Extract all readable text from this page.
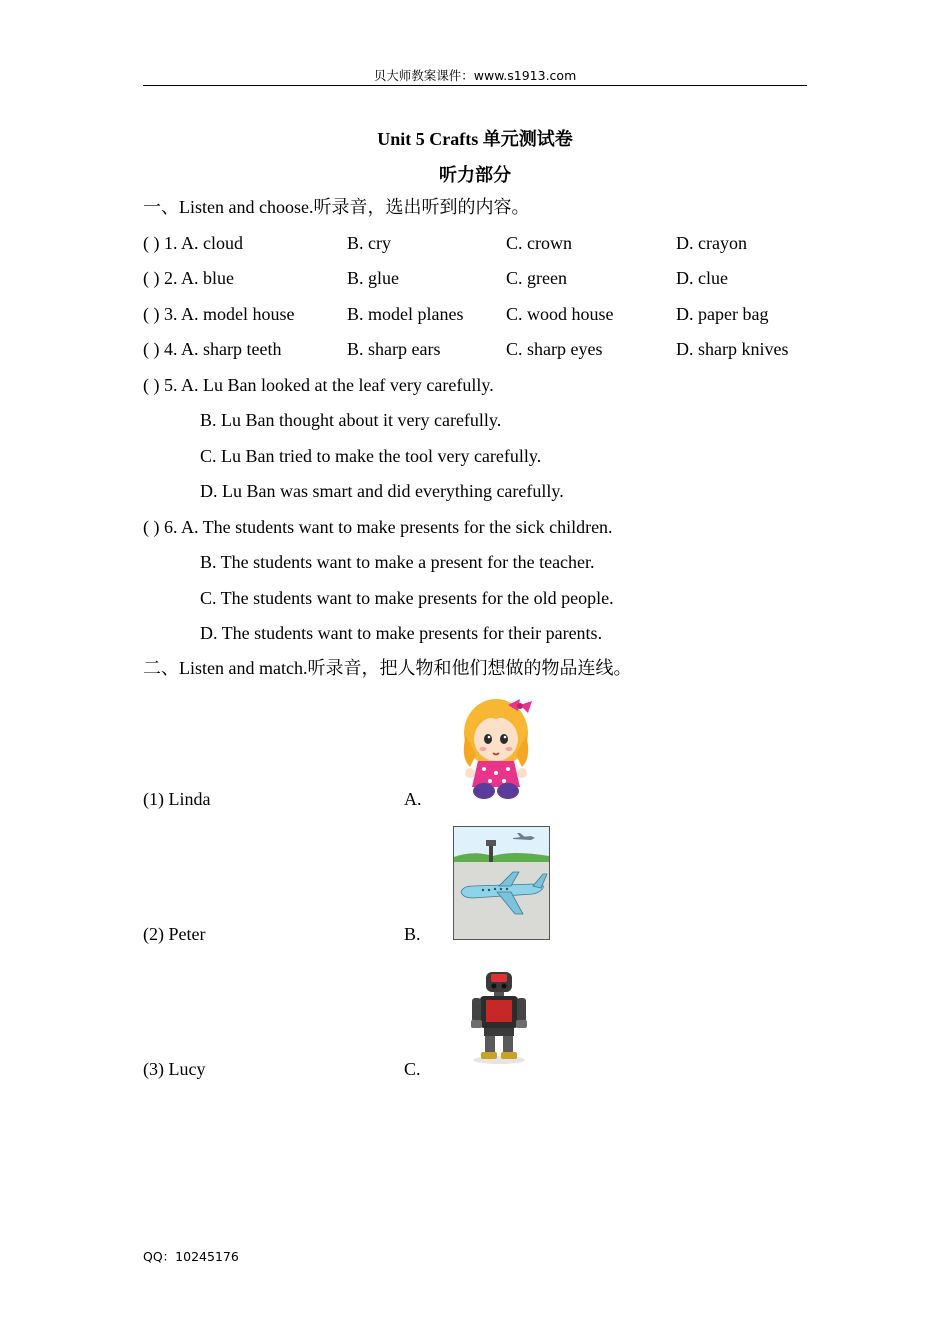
贝大师教案课件：www.s1913.com
Unit 5 Crafts 单元测试卷
听力部分
一、Listen and choose.听录音，选出听到的内容。
( ) 1. A. cloud	B. cry	C. crown	D. crayon
( ) 2. A. blue	B. glue	C. green	D. clue
( ) 3. A. model house	B. model planes C. wood house	D. paper bag
( ) 4. A. sharp teeth	B. sharp ears	C. sharp eyes	D. sharp knives
( ) 5. A. Lu Ban looked at the leaf very carefully.
B. Lu Ban thought about it very carefully.
C. Lu Ban tried to make the tool very carefully.
D. Lu Ban was smart and did everything carefully.
( ) 6. A. The students want to make presents for the sick children.
B. The students want to make a present for the teacher.
C. The students want to make presents for the old people.
D. The students want to make presents for their parents.
二、Listen and match.听录音，把人物和他们想做的物品连线。
(1) Linda	A.
(2) Peter	B.
(3) Lucy	C.
QQ：10245176
